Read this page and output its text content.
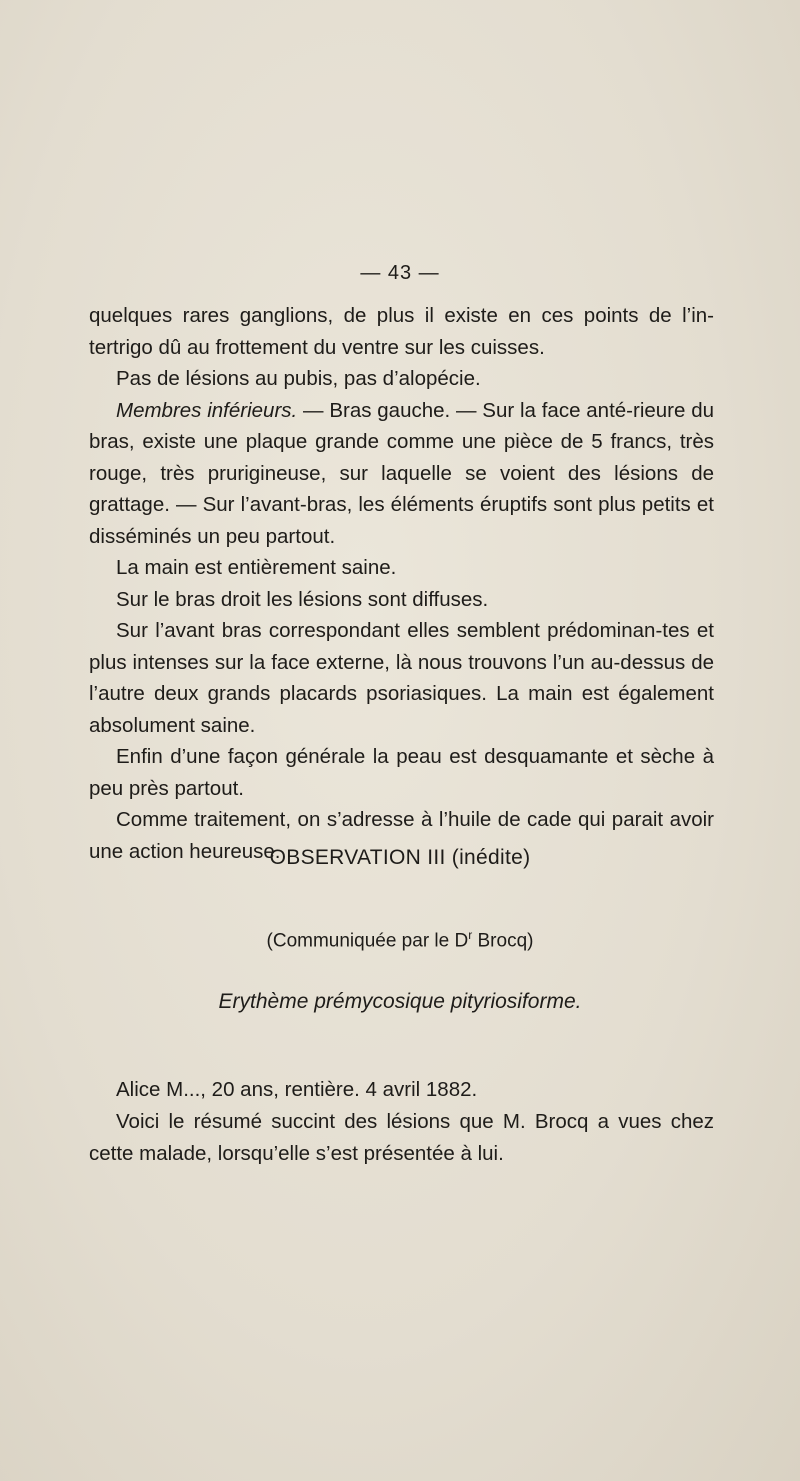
— 43 —

quelques rares ganglions, de plus il existe en ces points de l’in-tertrigo dû au frottement du ventre sur les cuisses.

Pas de lésions au pubis, pas d’alopécie.

Membres inférieurs. — Bras gauche. — Sur la face anté-rieure du bras, existe une plaque grande comme une pièce de 5 francs, très rouge, très prurigineuse, sur laquelle se voient des lésions de grattage. — Sur l’avant-bras, les éléments éruptifs sont plus petits et disséminés un peu partout.

La main est entièrement saine.

Sur le bras droit les lésions sont diffuses.

Sur l’avant bras correspondant elles semblent prédominan-tes et plus intenses sur la face externe, là nous trouvons l’un au-dessus de l’autre deux grands placards psoriasiques. La main est également absolument saine.

Enfin d’une façon générale la peau est desquamante et sèche à peu près partout.

Comme traitement, on s’adresse à l’huile de cade qui parait avoir une action heureuse.

OBSERVATION III (inédite)
(Communiquée par le $D^r$ Brocq)
Erythème prémycosique pityriosiforme.

Alice M..., 20 ans, rentière. 4 avril 1882.

Voici le résumé succint des lésions que M. Brocq a vues chez cette malade, lorsqu’elle s’est présentée à lui.
